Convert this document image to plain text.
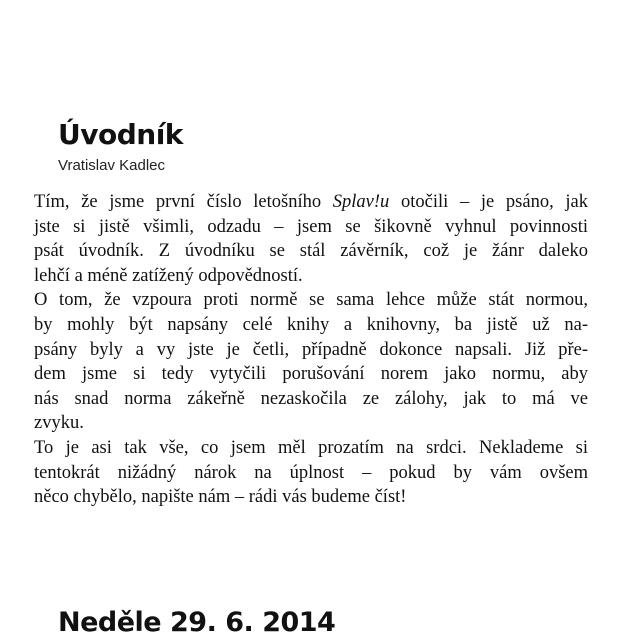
Úvodník
Vratislav Kadlec

Tím, že jsme první číslo letošního Splav!u otočili – je psáno, jak
jste si jistě všimli, odzadu – jsem se šikovně vyhnul povinnosti
psát úvodník. Z úvodníku se stál závěrník, což je žánr daleko
lehčí a méně zatížený odpovědností.

O tom, že vzpoura proti normě se sama lehce může stát normou,
by mohly být napsány celé knihy a knihovny, ba jistě už na-
psány byly a vy jste je četli, případně dokonce napsali. Již pře-
dem jsme si tedy vytyčili porušování norem jako normu, aby
nás snad norma zákeřně nezaskočila ze zálohy, jak to má ve
zvyku.

To je asi tak vše, co jsem měl prozatím na srdci. Neklademe si
tentokrát nižádný nárok na úplnost – pokud by vám ovšem
něco chybělo, napište nám – rádi vás budeme číst!

Neděle 29. 6. 2014
